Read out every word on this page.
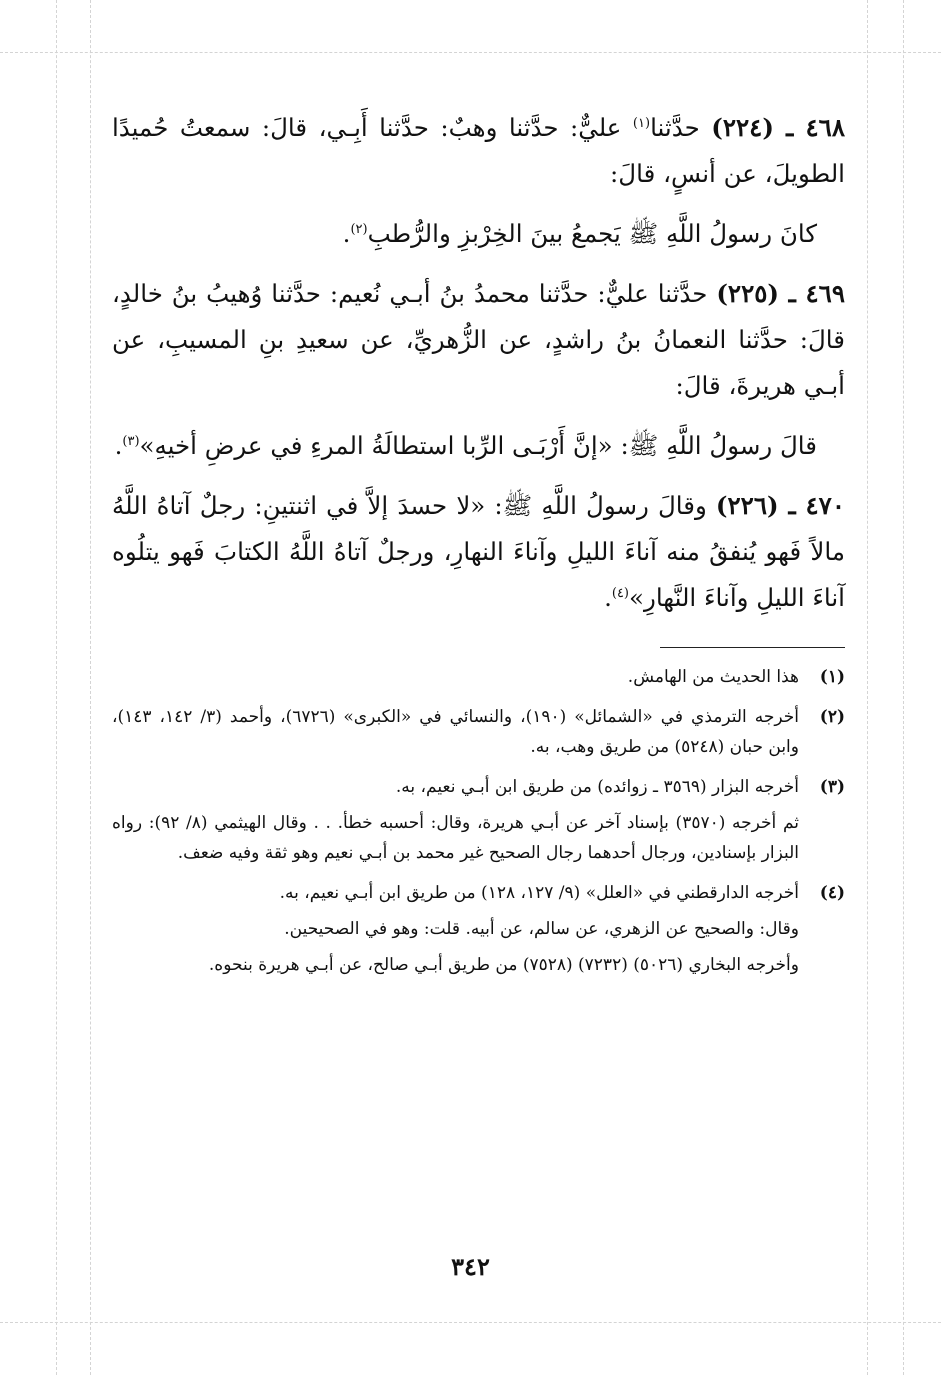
٤٦٨ ـ (٢٢٤) حدَّثنا$^{(١)}$ عليٌّ: حدَّثنا وهبٌ: حدَّثنا أَبِـي، قالَ: سمعتُ حُميدًا الطويلَ، عن أنسٍ، قالَ:

كانَ رسولُ اللَّهِ ﷺ يَجمعُ بينَ الخِرْبزِ والرُّطبِ$^{(٢)}$.

٤٦٩ ـ (٢٢٥) حدَّثنا عليٌّ: حدَّثنا محمدُ بنُ أبـي نُعيم: حدَّثنا وُهيبُ بنُ خالدٍ، قالَ: حدَّثنا النعمانُ بنُ راشدٍ، عن الزُّهريِّ، عن سعيدِ بنِ المسيبِ، عن أبـي هريرةَ، قالَ:

قالَ رسولُ اللَّهِ ﷺ: «إنَّ أَرْبَـى الرِّبا استطالَةُ المرءِ في عرضِ أخيهِ»$^{(٣)}$.

٤٧٠ ـ (٢٢٦) وقالَ رسولُ اللَّهِ ﷺ: «لا حسدَ إلاَّ في اثنتينِ: رجلٌ آتاهُ اللَّهُ مالاً فَهو يُنفقُ منه آناءَ الليلِ وآناءَ النهارِ، ورجلٌ آتاهُ اللَّهُ الكتابَ فَهو يتلُوه آناءَ الليلِ وآناءَ النَّهارِ»$^{(٤)}$.

(١)

هذا الحديث من الهامش.

(٢)

أخرجه الترمذي في «الشمائل» (١٩٠)، والنسائي في «الكبرى» (٦٧٢٦)، وأحمد (٣/ ١٤٢، ١٤٣)، وابن حبان (٥٢٤٨) من طريق وهب، به.

(٣)

أخرجه البزار (٣٥٦٩ ـ زوائده) من طريق ابن أبـي نعيم، به.

ثم أخرجه (٣٥٧٠) بإسناد آخر عن أبـي هريرة، وقال: أحسبه خطأ. . . وقال الهيثمي (٨/ ٩٢): رواه البزار بإسنادين، ورجال أحدهما رجال الصحيح غير محمد بن أبـي نعيم وهو ثقة وفيه ضعف.

(٤)

أخرجه الدارقطني في «العلل» (٩/ ١٢٧، ١٢٨) من طريق ابن أبـي نعيم، به.

وقال: والصحيح عن الزهري، عن سالم، عن أبيه. قلت: وهو في الصحيحين.

وأخرجه البخاري (٥٠٢٦) (٧٢٣٢) (٧٥٢٨) من طريق أبـي صالح، عن أبـي هريرة بنحوه.

٣٤٢
